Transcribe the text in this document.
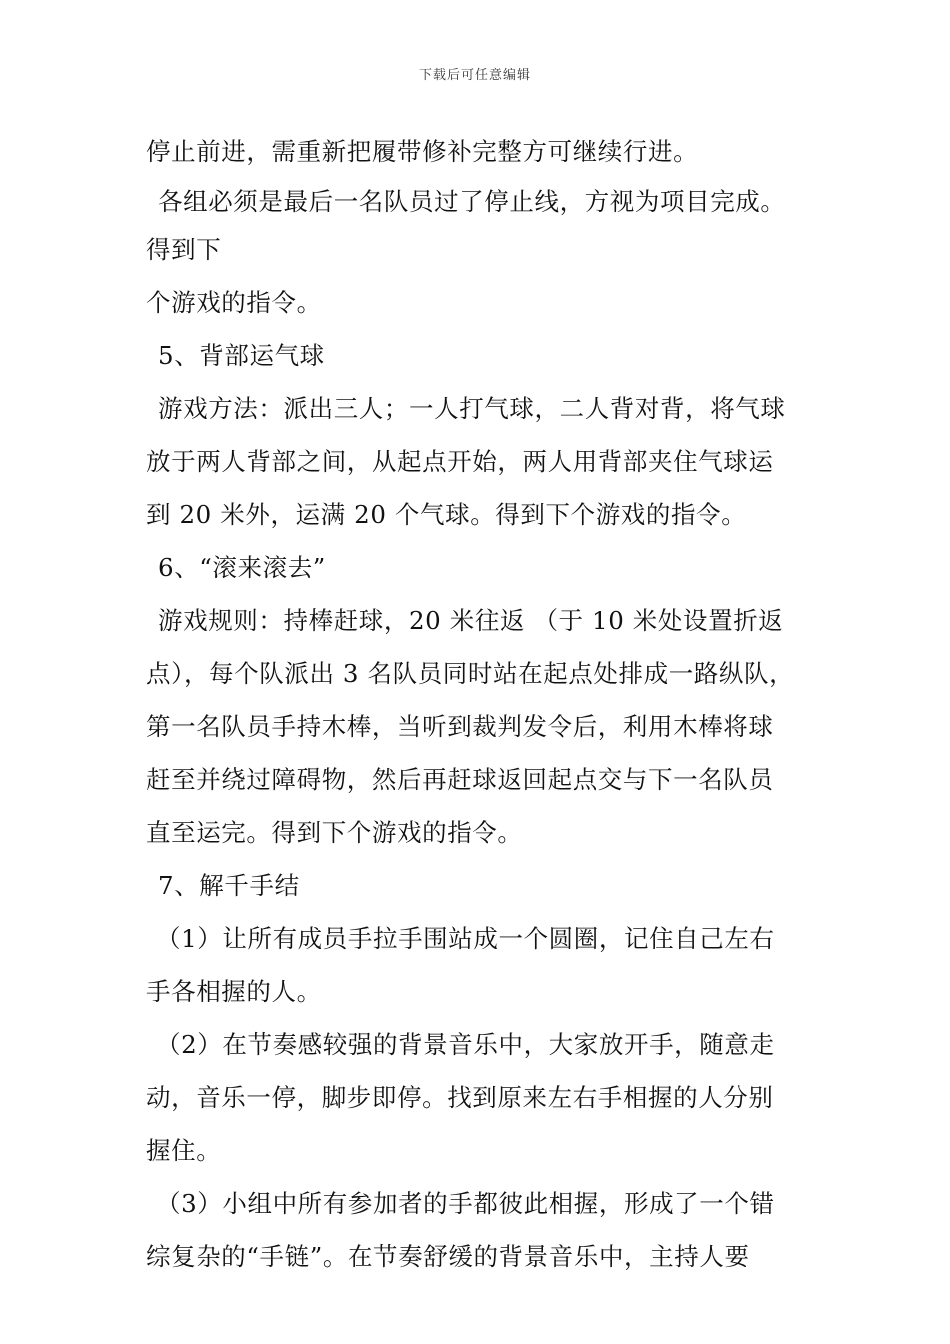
下载后可任意编辑
停止前进，需重新把履带修补完整方可继续行进。
各组必须是最后一名队员过了停止线，方视为项目完成。
得到下
个游戏的指令。
5、背部运气球
游戏方法：派出三人；一人打气球，二人背对背，将气球
放于两人背部之间，从起点开始，两人用背部夹住气球运
到 20 米外，运满 20 个气球。得到下个游戏的指令。
6、“滚来滚去”
游戏规则：持棒赶球，20 米往返 （于 10 米处设置折返
点），每个队派出 3 名队员同时站在起点处排成一路纵队，
第一名队员手持木棒，当听到裁判发令后，利用木棒将球
赶至并绕过障碍物，然后再赶球返回起点交与下一名队员
直至运完。得到下个游戏的指令。
7、解千手结
（1）让所有成员手拉手围站成一个圆圈，记住自己左右
手各相握的人。
（2）在节奏感较强的背景音乐中，大家放开手，随意走
动，音乐一停，脚步即停。找到原来左右手相握的人分别
握住。
（3）小组中所有参加者的手都彼此相握，形成了一个错
综复杂的“手链”。在节奏舒缓的背景音乐中，主持人要
